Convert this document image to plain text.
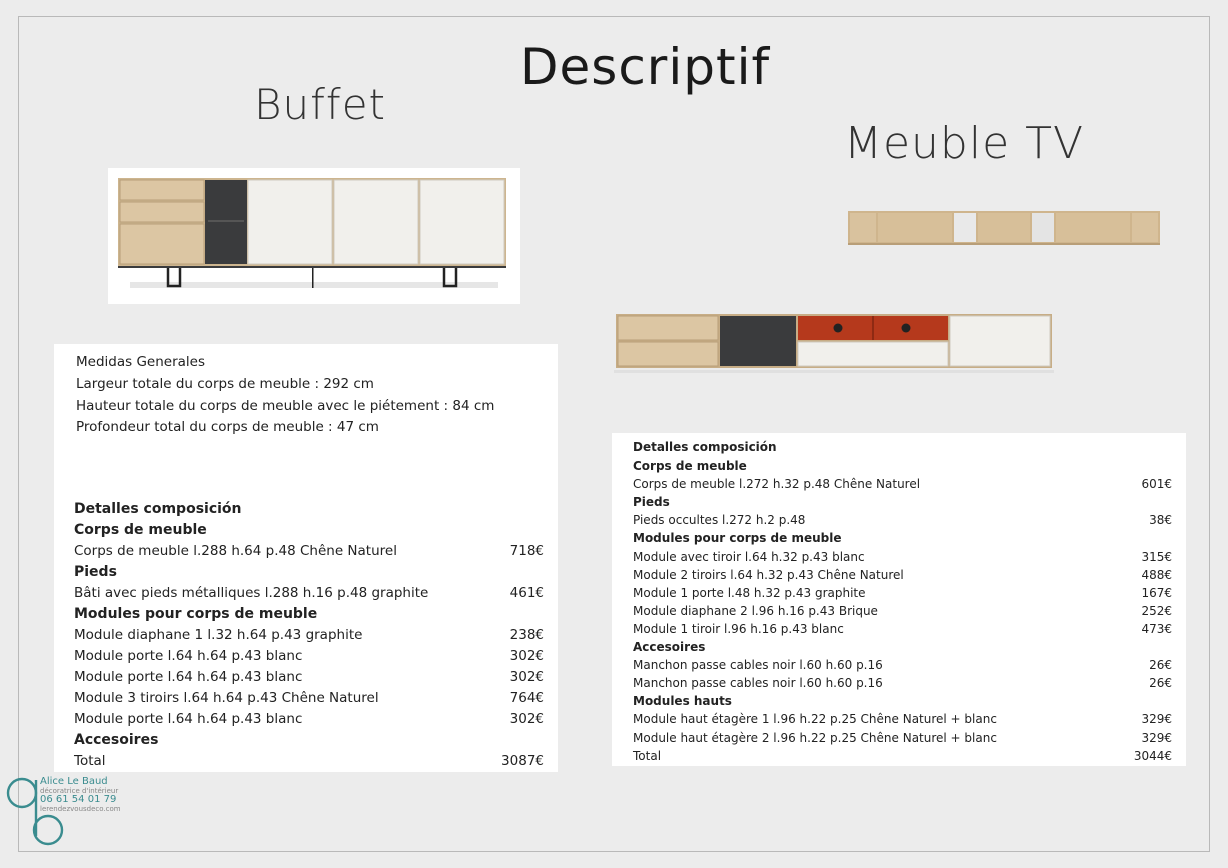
Descriptif
Buffet
Meuble TV
Medidas Generales
Largeur totale du corps de meuble : 292 cm
Hauteur totale du corps de meuble avec le piétement : 84 cm
Profondeur total du corps de meuble : 47 cm
Detalles composición
Corps de meuble
Corps de meuble l.288 h.64 p.48 Chêne Naturel	718€
Pieds
Bâti avec pieds métalliques l.288 h.16 p.48 graphite	461€
Modules pour corps de meuble
Module diaphane 1 l.32 h.64 p.43 graphite	238€
Module porte l.64 h.64 p.43 blanc	302€
Module porte l.64 h.64 p.43 blanc	302€
Module 3 tiroirs l.64 h.64 p.43 Chêne Naturel	764€
Module porte l.64 h.64 p.43 blanc	302€
Accesoires
Total	3087€
Detalles composición
Corps de meuble
Corps de meuble l.272 h.32 p.48 Chêne Naturel	601€
Pieds
Pieds occultes l.272 h.2 p.48	38€
Modules pour corps de meuble
Module avec tiroir l.64 h.32 p.43 blanc	315€
Module 2 tiroirs l.64 h.32 p.43 Chêne Naturel	488€
Module 1 porte l.48 h.32 p.43 graphite	167€
Module diaphane 2 l.96 h.16 p.43 Brique	252€
Module 1 tiroir l.96 h.16 p.43 blanc	473€
Accesoires
Manchon passe cables noir l.60 h.60 p.16	26€
Manchon passe cables noir l.60 h.60 p.16	26€
Modules hauts
Module haut étagère 1 l.96 h.22 p.25 Chêne Naturel + blanc	329€
Module haut étagère 2 l.96 h.22 p.25 Chêne Naturel + blanc	329€
Total	3044€
Alice Le Baud
décoratrice d'intérieur
06 61 54 01 79
lerendezvousdeco.com
